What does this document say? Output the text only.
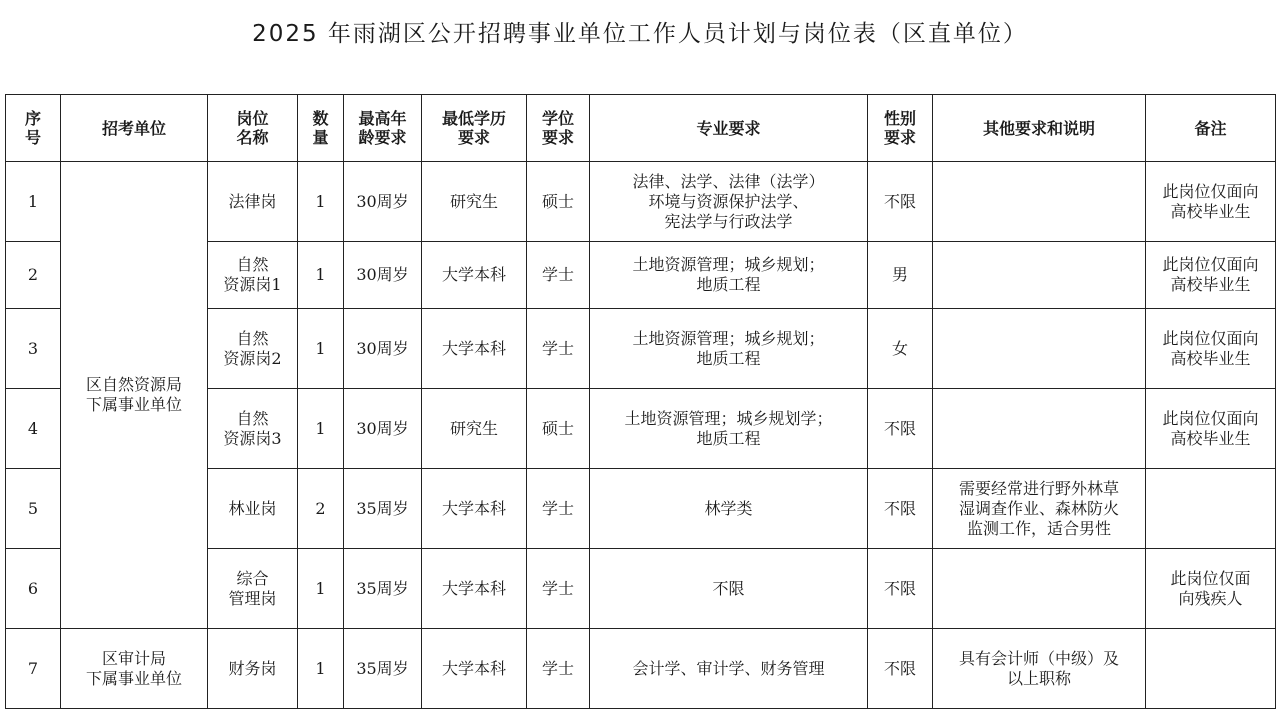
2025 年雨湖区公开招聘事业单位工作人员计划与岗位表（区直单位）
序
号	招考单位	岗位
名称	数
量	最高年
龄要求	最低学历
要求	学位
要求	专业要求	性别
要求	其他要求和说明	备注

1	区自然资源局
下属事业单位	法律岗	1	30周岁	研究生	硕士	法律、法学、法律（法学）
环境与资源保护法学、
宪法学与行政法学	不限		此岗位仅面向
高校毕业生

2		自然
资源岗1	1	30周岁	大学本科	学士	土地资源管理；城乡规划；
地质工程	男		此岗位仅面向
高校毕业生

3		自然
资源岗2	1	30周岁	大学本科	学士	土地资源管理；城乡规划；
地质工程	女		此岗位仅面向
高校毕业生

4		自然
资源岗3	1	30周岁	研究生	硕士	土地资源管理；城乡规划学；
地质工程	不限		此岗位仅面向
高校毕业生

5		林业岗	2	35周岁	大学本科	学士	林学类	不限	需要经常进行野外林草
湿调查作业、森林防火
监测工作，适合男性	

6		综合
管理岗	1	35周岁	大学本科	学士	不限	不限		此岗位仅面
向残疾人

7	区审计局
下属事业单位	财务岗	1	35周岁	大学本科	学士	会计学、审计学、财务管理	不限	具有会计师（中级）及
以上职称	
